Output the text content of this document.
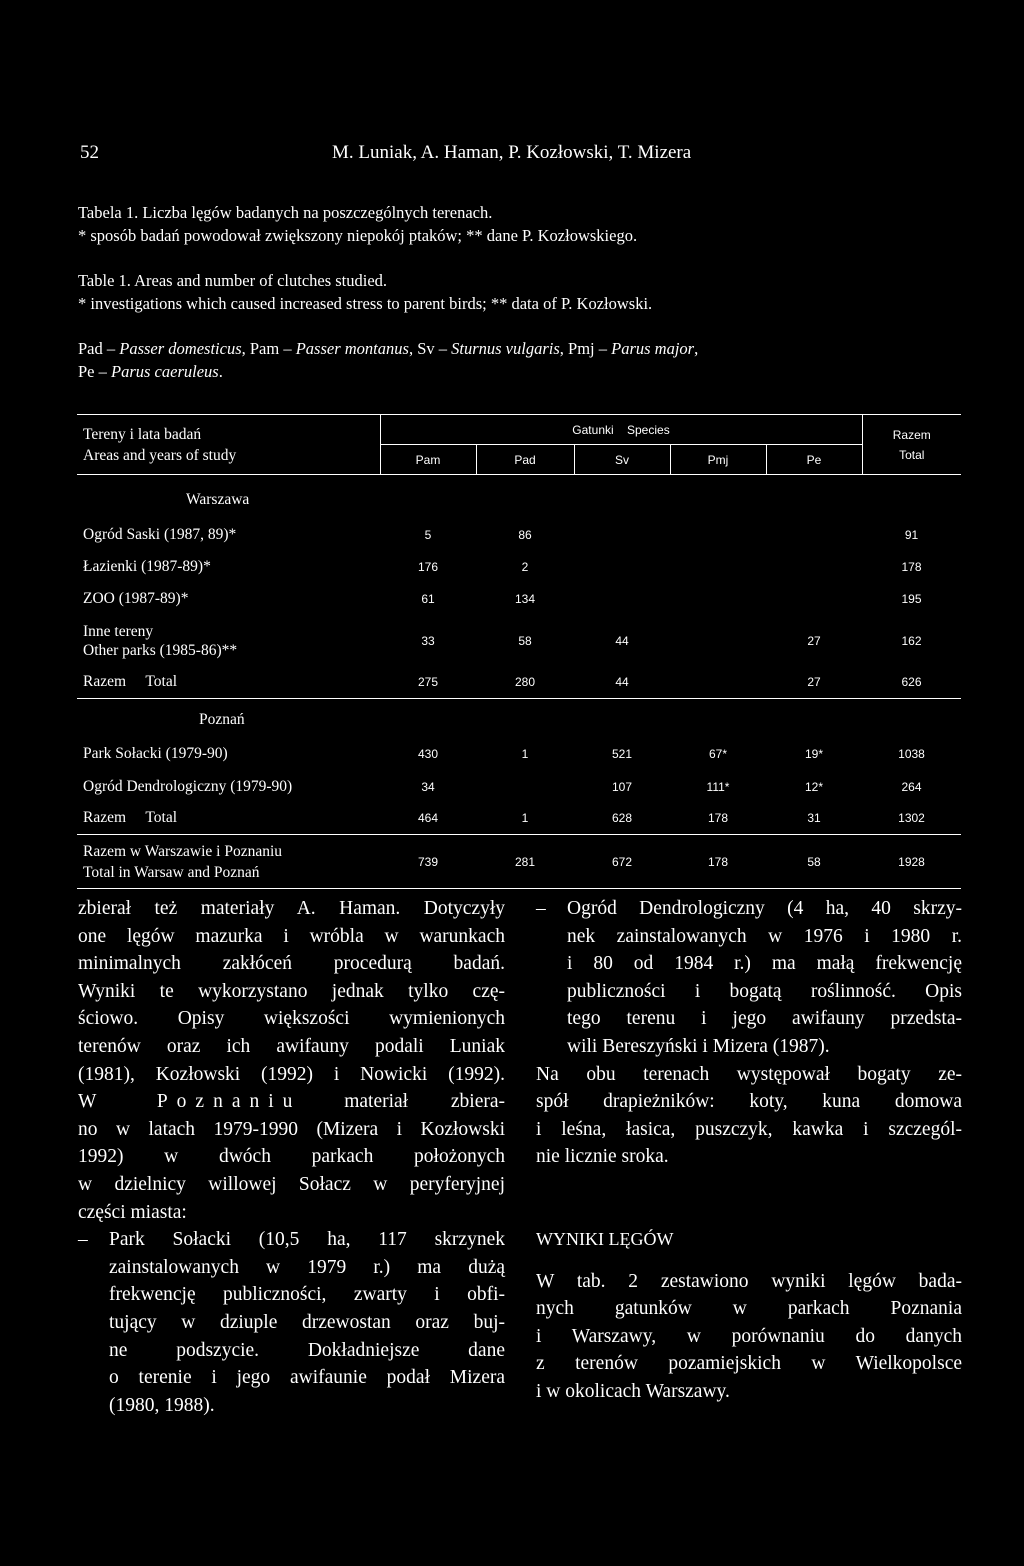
52	M. Luniak, A. Haman, P. Kozłowski, T. Mizera
Tabela 1. Liczba lęgów badanych na poszczególnych terenach.
* sposób badań powodował zwiększony niepokój ptaków; ** dane P. Kozłowskiego.
Table 1. Areas and number of clutches studied.
* investigations which caused increased stress to parent birds; ** data of P. Kozłowski.
Pad – Passer domesticus, Pam – Passer montanus, Sv – Sturnus vulgaris, Pmj – Parus major,
Pe – Parus caeruleus.
Tereny i lata badań
Areas and years of study	Gatunki Species					Razem
Total
	Pam	Pad	Sv	Pmj	Pe	
Warszawa						
Ogród Saski (1987, 89)*	5	86				91
Łazienki (1987-89)*	176	2				178
ZOO (1987-89)*	61	134				195
Inne tereny
Other parks (1985-86)**	33	58	44		27	162
Razem Total	275	280	44		27	626
Poznań						
Park Sołacki (1979-90)	430	1	521	67*	19*	1038
Ogród Dendrologiczny (1979-90)	34		107	111*	12*	264
Razem Total	464	1	628	178	31	1302
Razem w Warszawie i Poznaniu
Total in Warsaw and Poznań	739	281	672	178	58	1928

zbierał też materiały A. Haman. Dotyczyły

one lęgów mazurka i wróbla w warunkach

minimalnych zakłóceń procedurą badań.

Wyniki te wykorzystano jednak tylko czę-

ściowo. Opisy większości wymienionych

terenów oraz ich awifauny podali Luniak

(1981), Kozłowski (1992) i Nowicki (1992).

W Poznaniu materiał zbiera-

no w latach 1979-1990 (Mizera i Kozłowski

1992) w dwóch parkach położonych

w dzielnicy willowej Sołacz w peryferyjnej

części miasta:

– Park Sołacki (10,5 ha, 117 skrzynek

zainstalowanych w 1979 r.) ma dużą

frekwencję publiczności, zwarty i obfi-

tujący w dziuple drzewostan oraz buj-

ne podszycie. Dokładniejsze dane

o terenie i jego awifaunie podał Mizera

(1980, 1988).

– Ogród Dendrologiczny (4 ha, 40 skrzy-

nek zainstalowanych w 1976 i 1980 r.

i 80 od 1984 r.) ma małą frekwencję

publiczności i bogatą roślinność. Opis

tego terenu i jego awifauny przedsta-

wili Bereszyński i Mizera (1987).

Na obu terenach występował bogaty ze-

spół drapieżników: koty, kuna domowa

i leśna, łasica, puszczyk, kawka i szczegól-

nie licznie sroka.

WYNIKI LĘGÓW

W tab. 2 zestawiono wyniki lęgów bada-

nych gatunków w parkach Poznania

i Warszawy, w porównaniu do danych

z terenów pozamiejskich w Wielkopolsce

i w okolicach Warszawy.
